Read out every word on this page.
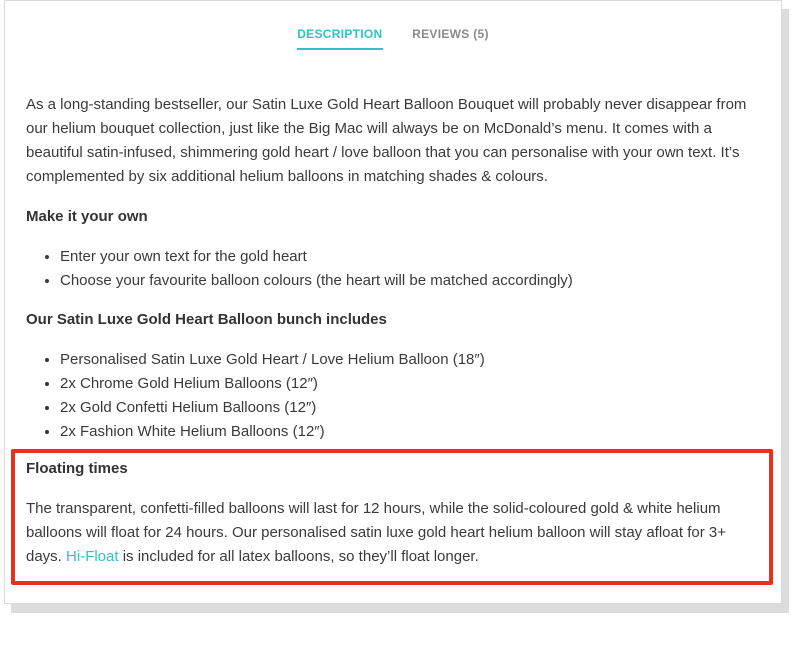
DESCRIPTION REVIEWS (5)

As a long-standing bestseller, our Satin Luxe Gold Heart Balloon Bouquet will probably never disappear from our helium bouquet collection, just like the Big Mac will always be on McDonald’s menu. It comes with a beautiful satin-infused, shimmering gold heart / love balloon that you can personalise with your own text. It’s complemented by six additional helium balloons in matching shades & colours.

Make it your own

• Enter your own text for the gold heart
• Choose your favourite balloon colours (the heart will be matched accordingly)

Our Satin Luxe Gold Heart Balloon bunch includes

• Personalised Satin Luxe Gold Heart / Love Helium Balloon (18″)
• 2x Chrome Gold Helium Balloons (12″)
• 2x Gold Confetti Helium Balloons (12″)
• 2x Fashion White Helium Balloons (12″)

Floating times

The transparent, confetti-filled balloons will last for 12 hours, while the solid-coloured gold & white helium balloons will float for 24 hours. Our personalised satin luxe gold heart helium balloon will stay afloat for 3+ days. Hi-Float is included for all latex balloons, so they’ll float longer.
